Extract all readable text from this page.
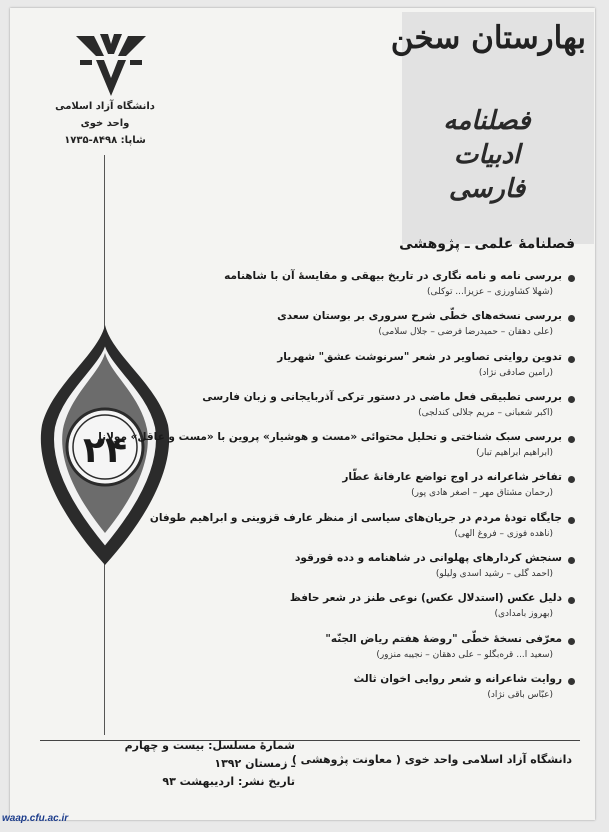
بهارستان سخن
فصلنامه
ادبیات فارسی
فصلنامهٔ علمی ـ پژوهشی
دانشگاه آزاد اسلامی
واحد خوی
شاپا: ۸۴۹۸-۱۷۳۵
۲۴
بررسی نامه و نامه نگاری در تاریخ بیهقی و مقایسهٔ آن با شاهنامه
(شهلا کشاورزی – عزیزا... توکلی)
بررسی نسخه‌های خطّی شرح سروری بر بوستان سعدی
(علی دهقان – حمیدرضا فرضی – جلال سلامی)
تدوین روایتی تصاویر در شعر "سرنوشت عشق" شهریار
(رامین صادقی نژاد)
بررسی تطبیقی فعل ماضی در دستور ترکی آذربایجانی و زبان فارسی
(اکبر شعبانی – مریم جلالی کندلجی)
بررسی سبک شناختی و تحلیل محتوائی «مست و هوشیار» پروین با «مست و عاقل» مولانا
(ابراهیم ابراهیم تبار)
تفاخر شاعرانه در اوج تواضع عارفانهٔ عطّار
(رحمان مشتاق مهر – اصغر هادی پور)
جایگاه تودهٔ مردم در جریان‌های سیاسی از منظر عارف قزوینی و ابراهیم طوفان
(ناهده فوزی – فروغ الهی)
سنجش کردارهای پهلوانی در شاهنامه و دده قورقود
(احمد گلی – رشید اسدی ولیلو)
دلیل عکس (استدلال عکس) نوعی طنز در شعر حافظ
(بهروز بامدادی)
معرّفی نسخهٔ خطّی "روضهٔ هفتم ریاض الجنّه"
(سعید ا... قره‌بگلو – علی دهقان – نجیبه منزور)
روایت شاعرانه و شعر روایی اخوان ثالث
(عبّاس باقی نژاد)
شمارهٔ مسلسل: بیست و چهارم ـ زمستان ۱۳۹۲
تاریخ نشر: اردیبهشت ۹۳
دانشگاه آزاد اسلامی واحد خوی ( معاونت پژوهشی )
waap.cfu.ac.ir
